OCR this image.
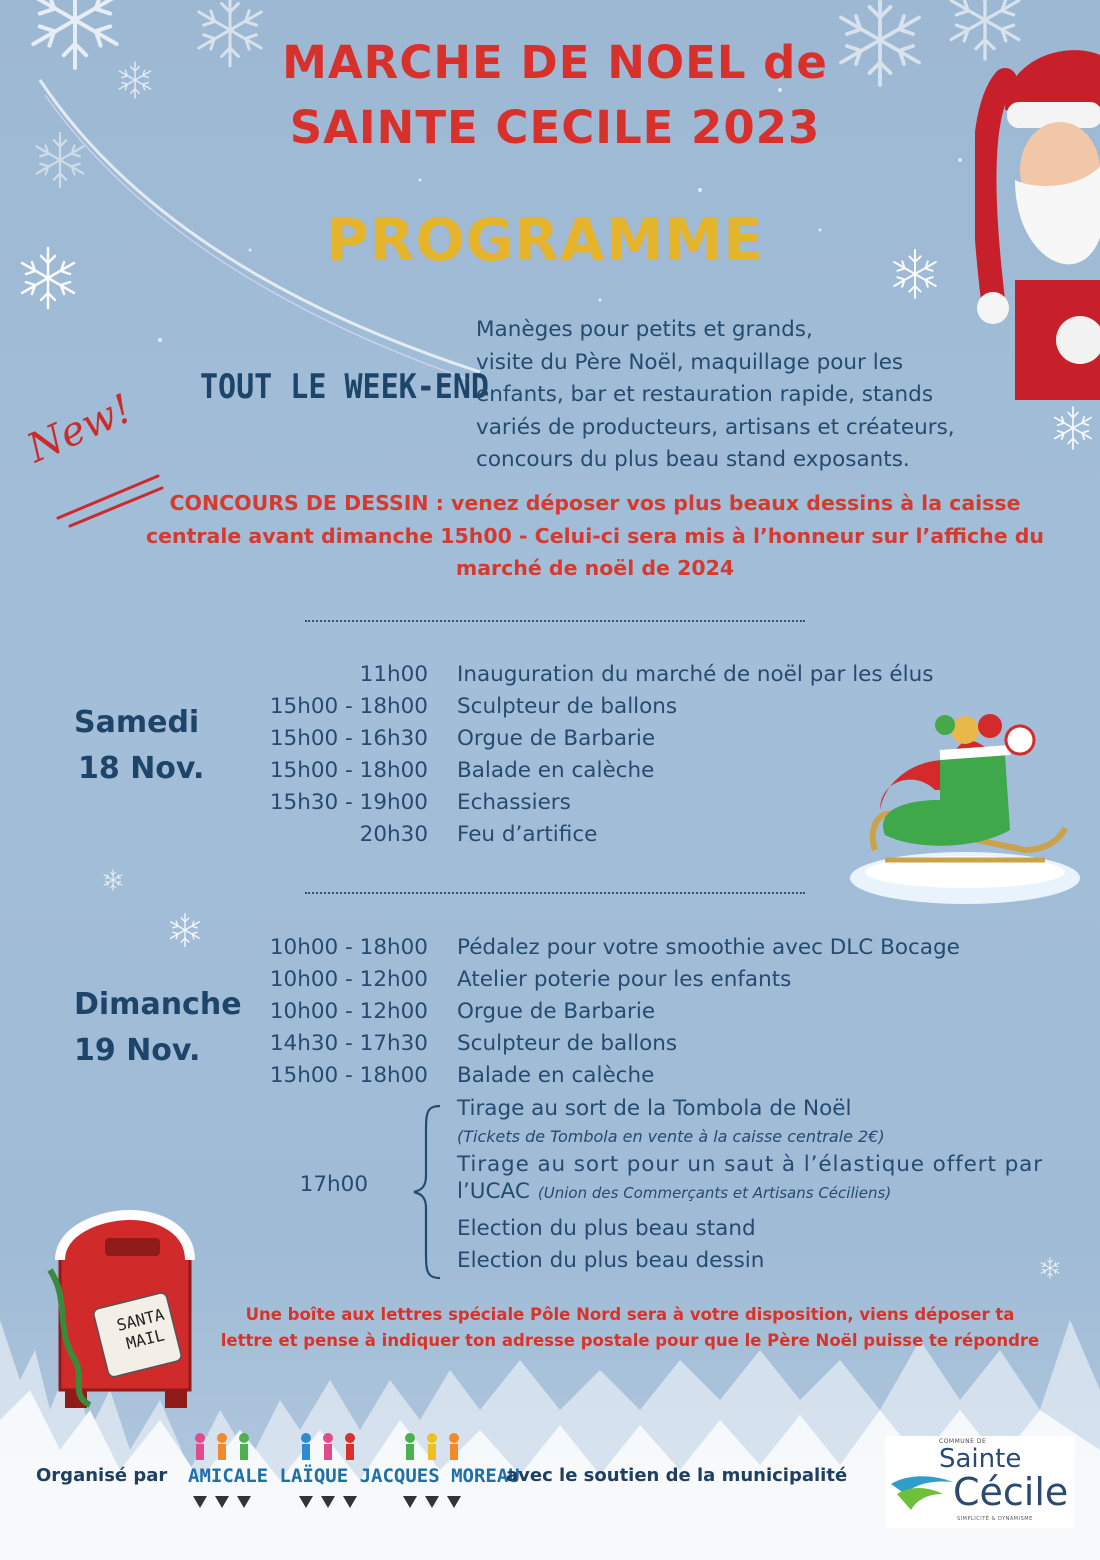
MARCHE DE NOEL de
SAINTE CECILE 2023
PROGRAMME
TOUT LE WEEK-END
Manèges pour petits et grands,
visite du Père Noël, maquillage pour les
enfants, bar et restauration rapide, stands
variés de producteurs, artisans et créateurs,
concours du plus beau stand exposants.
New!
CONCOURS DE DESSIN : venez déposer vos plus beaux dessins à la caisse
centrale avant dimanche 15h00 - Celui-ci sera mis à l’honneur sur l’affiche du
marché de noël de 2024
Samedi
18 Nov.
11h00 Inauguration du marché de noël par les élus
15h00 - 18h00 Sculpteur de ballons
15h00 - 16h30 Orgue de Barbarie
15h00 - 18h00 Balade en calèche
15h30 - 19h00 Echassiers
20h30 Feu d’artifice
Dimanche
19 Nov.
10h00 - 18h00 Pédalez pour votre smoothie avec DLC Bocage
10h00 - 12h00 Atelier poterie pour les enfants
10h00 - 12h00 Orgue de Barbarie
14h30 - 17h30 Sculpteur de ballons
15h00 - 18h00 Balade en calèche
17h00
Tirage au sort de la Tombola de Noël
(Tickets de Tombola en vente à la caisse centrale 2€)
Tirage au sort pour un saut à l’élastique offert par
l’UCAC (Union des Commerçants et Artisans Céciliens)
Election du plus beau stand
Election du plus beau dessin
SANTA MAIL
Une boîte aux lettres spéciale Pôle Nord sera à votre disposition, viens déposer ta
lettre et pense à indiquer ton adresse postale pour que le Père Noël puisse te répondre
Organisé par AMICALE LAÏQUE JACQUES MOREAU
avec le soutien de la municipalité
COMMUNE DE
Sainte
Cécile
SIMPLICITÉ & DYNAMISME
